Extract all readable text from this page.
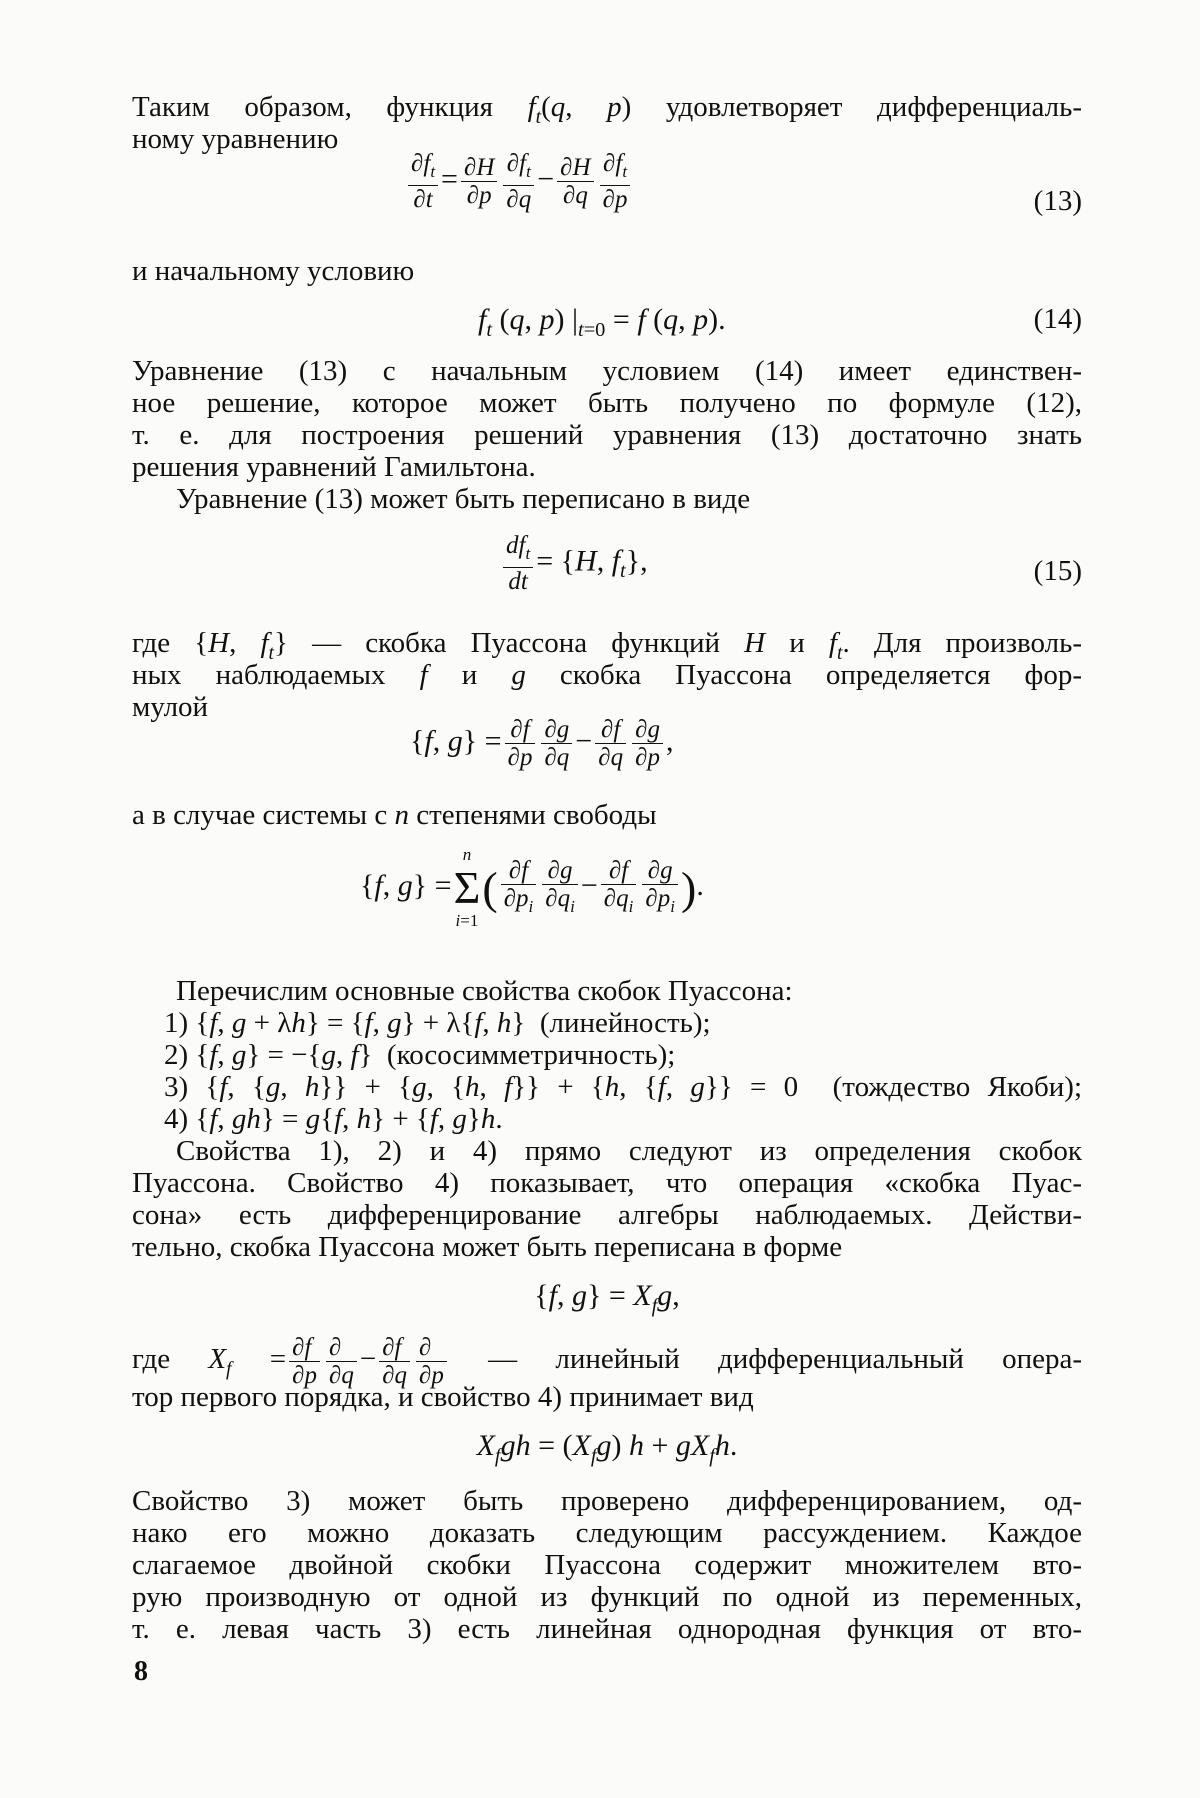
Таким образом, функция $f_t(q$, p) удовлетворяет дифференциаль-
ному уравнению
$\frac{\partial f_t}{\partial t} = \frac{\partial H}{\partial p} \frac{\partial f_t}{\partial q} - \frac{\partial H}{\partial q} \frac{\partial f_t}{\partial p}$	(13)
и начальному условию
$f_t$ (q, p) $|_{t=0} = f$ (q, p).	(14)
Уравнение (13) с начальным условием (14) имеет единствен-
ное решение, которое может быть получено по формуле (12),
т. е. для построения решений уравнения (13) достаточно знать
решения уравнений Гамильтона.
Уравнение (13) может быть переписано в виде
$\frac{df_t}{dt} = \{H$, $f_t$},	(15)
где {H, $f_t$} — скобка Пуассона функций H и $f_t$. Для произволь-
ных наблюдаемых f и g скобка Пуассона определяется фор-
мулой
{f, $g\} = \frac{\partial f}{\partial p} \frac{\partial g}{\partial q} - \frac{\partial f}{\partial q} \frac{\partial g}{\partial p}$ ,
а в случае системы с n степенями свободы
{f, g} =n
Σ
$i=1( \frac{\partial f}{\partial p_i} \frac{\partial g}{\partial q_i} - \frac{\partial f}{\partial q_i} \frac{\partial g}{\partial p_i}$ ).
Перечислим основные свойства скобок Пуассона:
1) {f, g + λh} = {f, g} + λ{f, h}  (линейность);
2) {f, g} = −{g, f}  (кососимметричность);
3) {f, {g, h}} + {g, {h, f}} + {h, {f, g}} = 0  (тождество Якоби);
4) {f, gh} = g{f, h} + {f, g}h.
Свойства 1), 2) и 4) прямо следуют из определения скобок
Пуассона. Свойство 4) показывает, что операция «скобка Пуас-
сона» есть дифференцирование алгебры наблюдаемых. Действи-
тельно, скобка Пуассона может быть переписана в форме
{f, $g\} = X_fg$,
где $X_f = \frac{\partial f}{\partial p} \frac{\partial}{\partial q} - \frac{\partial f}{\partial q} \frac{\partial}{\partial p}$ — линейный дифференциальный опера-
тор первого порядка, и свойство 4) принимает вид
$X_fgh = (X_fg) h + gX_fh$.
Свойство 3) может быть проверено дифференцированием, од-
нако его можно доказать следующим рассуждением. Каждое
слагаемое двойной скобки Пуассона содержит множителем вто-
рую производную от одной из функций по одной из переменных,
т. е. левая часть 3) есть линейная однородная функция от вто-
8
